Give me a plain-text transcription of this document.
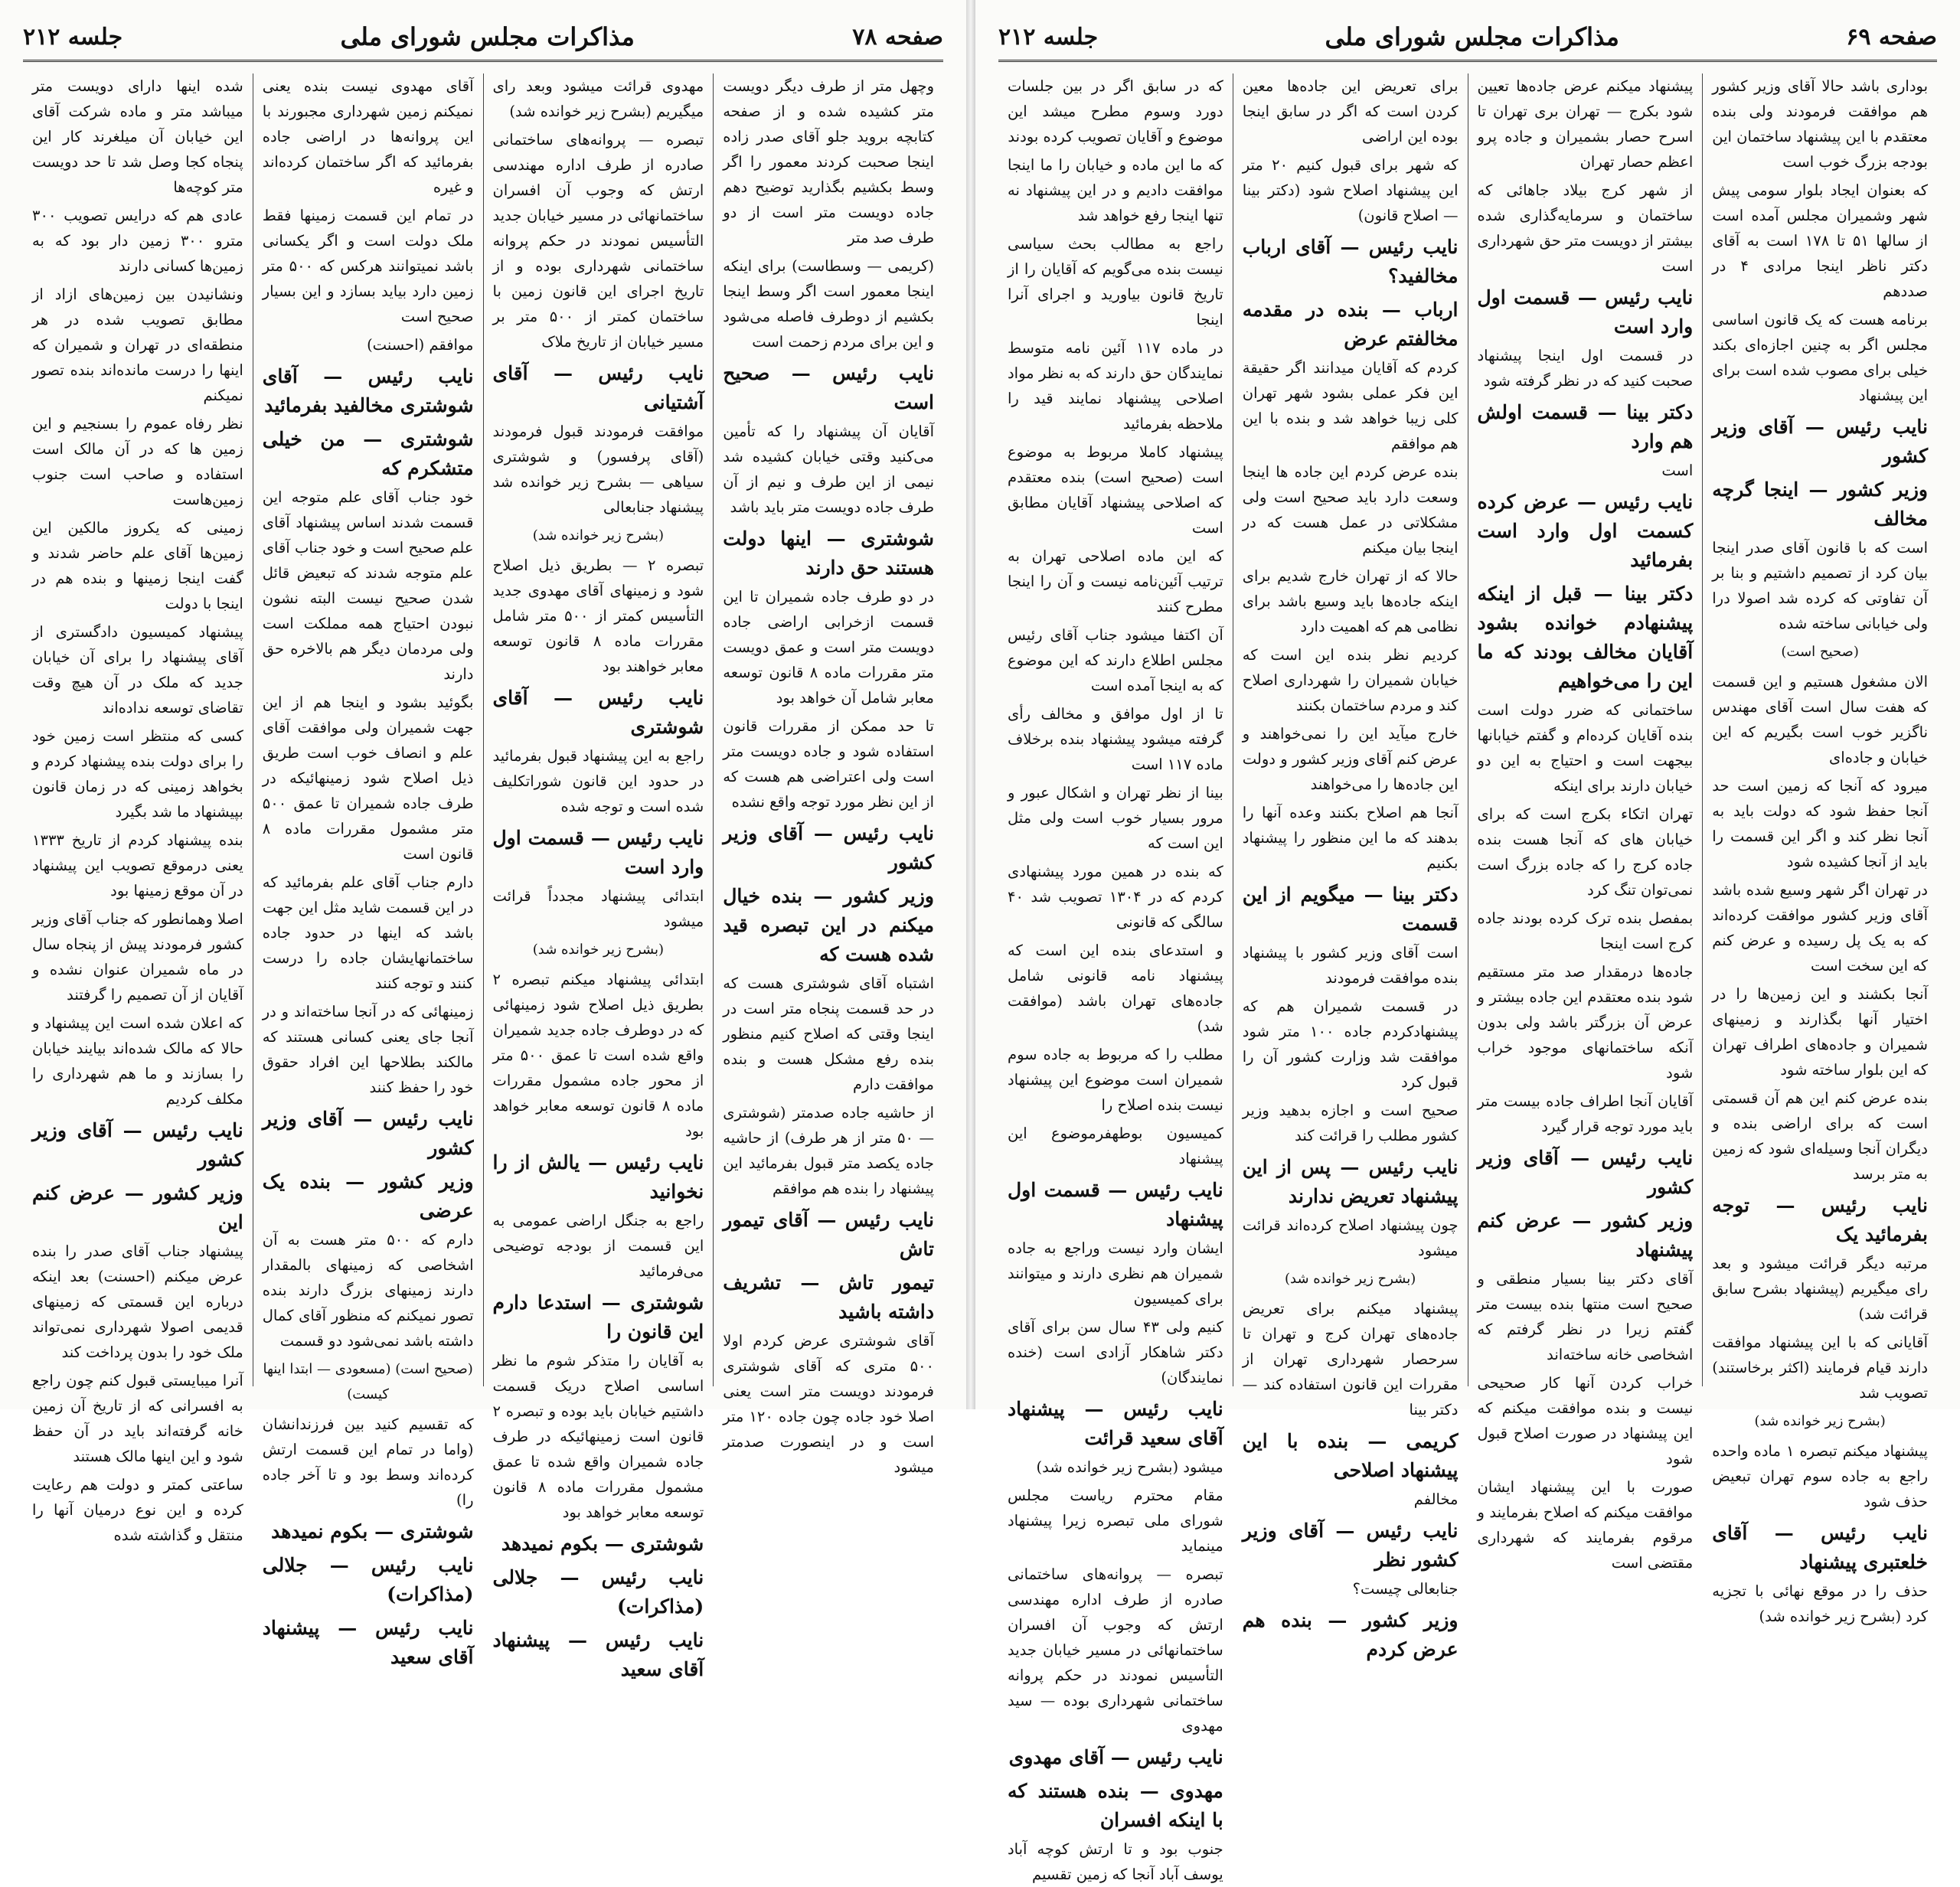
صفحه ۷۸
مذاکرات مجلس شورای ملی
جلسه ۲۱۲
وچهل متر از طرف دیگر دویست متر کشیده شده و از صفحه کتابچه بروید جلو آقای صدر زاده اینجا صحبت کردند معمور را اگر وسط بکشیم بگذارید توضیح دهم جاده دویست متر است از دو طرف صد متر
(کریمی — وسطاست) برای اینکه اینجا معمور است اگر وسط اینجا بکشیم از دوطرف فاصله می‌شود و این برای مردم زحمت است
نایب رئیس — صحیح است
آقایان آن پیشنهاد را که تأمین می‌کنید وقتی خیابان کشیده شد نیمی از این طرف و نیم از آن طرف جاده دویست متر باید باشد
شوشتری — اینها دولت هستند حق دارند
در دو طرف جاده شمیران تا این قسمت ازخرابی اراضی جاده دویست متر است و عمق دویست متر مقررات ماده ۸ قانون توسعه معابر شامل آن خواهد بود
تا حد ممکن از مقررات قانون استفاده شود و جاده دویست متر است ولی اعتراضی هم هست که از این نظر مورد توجه واقع نشده
نایب رئیس — آقای وزیر کشور
وزیر کشور — بنده خیال میکنم در این تبصره قید شده هست که
اشتباه آقای شوشتری هست که در حد قسمت پنجاه متر است در اینجا وقتی که اصلاح کنیم منظور بنده رفع مشکل هست و بنده موافقت دارم
از حاشیه جاده صدمتر (شوشتری — ۵۰ متر از هر طرف) از حاشیه جاده یکصد متر قبول بفرمائید این پیشنهاد را بنده هم موافقم
نایب رئیس — آقای تیمور تاش
تیمور تاش — تشریف داشته باشید
آقای شوشتری عرض کردم اولا ۵۰۰ متری که آقای شوشتری فرمودند دویست متر است یعنی اصلا خود جاده چون جاده ۱۲۰ متر است و در اینصورت صدمتر میشود
مهدوی قرائت میشود وبعد رای میگیریم (بشرح زیر خوانده شد)
تبصره — پروانه‌های ساختمانی صادره از طرف اداره مهندسی ارتش که وجوب آن افسران ساختمانهائی در مسیر خیابان جدید التأسیس نمودند در حکم پروانه ساختمانی شهرداری بوده و از تاریخ اجرای این قانون زمین با ساختمان کمتر از ۵۰۰ متر بر مسیر خیابان از تاریخ ملاک
نایب رئیس — آقای آشتیانی
موافقت فرمودند قبول فرمودند (آقای پرفسور) و شوشتری سیاهی — بشرح زیر خوانده شد پیشنهاد جنابعالی
(بشرح زیر خوانده شد)
تبصره ۲ — بطریق ذیل اصلاح شود و زمینهای آقای مهدوی جدید التأسیس کمتر از ۵۰۰ متر شامل مقررات ماده ۸ قانون توسعه معابر خواهند بود
نایب رئیس — آقای شوشتری
راجع به این پیشنهاد قبول بفرمائید در حدود این قانون شوراتکلیف شده است و توجه شده
نایب رئیس — قسمت اول وارد است
ابتدائی پیشنهاد مجدداً قرائت میشود
(بشرح زیر خوانده شد)
ابتدائی پیشنهاد میکنم تبصره ۲ بطریق ذیل اصلاح شود زمینهائی که در دوطرف جاده جدید شمیران واقع شده است تا عمق ۵۰۰ متر از محور جاده مشمول مقررات ماده ۸ قانون توسعه معابر خواهد بود
نایب رئیس — یالش از را نخوانید
راجع به جنگل اراضی عمومی به این قسمت از بودجه توضیحی می‌فرمائید
شوشتری — استدعا دارم این قانون را
به آقایان را متذکر شوم ما نظر اساسی اصلاح دریک قسمت داشتیم خیابان باید بوده و تبصره ۲ قانون است زمینهائیکه در طرف جاده شمیران واقع شده تا عمق مشمول مقررات ماده ۸ قانون توسعه معابر خواهد بود
شوشتری — بکوم نمیدهد
نایب رئیس — جلالی (مذاکرات)
نایب رئیس — پیشنهاد آقای سعید
آقای مهدوی نیست بنده یعنی نمیکنم زمین شهرداری مجبورند با این پروانه‌ها در اراضی جاده بفرمائید که اگر ساختمان کرده‌اند و غیره
در تمام این قسمت زمینها فقط ملک دولت است و اگر یکسانی باشد نمیتوانند هرکس که ۵۰۰ متر زمین دارد بیاید بسازد و این بسیار صحیح است
موافقم (احسنت)
نایب رئیس — آقای شوشتری مخالفید بفرمائید
شوشتری — من خیلی متشکرم که
خود جناب آقای علم متوجه این قسمت شدند اساس پیشنهاد آقای علم صحیح است و خود جناب آقای علم متوجه شدند که تبعیض قائل شدن صحیح نیست البته نشون نبودن احتیاج همه مملکت است ولی مردمان دیگر هم بالاخره حق دارند
بگوئید بشود و اینجا هم از این جهت شمیران ولی موافقت آقای علم و انصاف خوب است طریق ذیل اصلاح شود زمینهائیکه در طرف جاده شمیران تا عمق ۵۰۰ متر مشمول مقررات ماده ۸ قانون است
دارم جناب آقای علم بفرمائید که در این قسمت شاید مثل این جهت باشد که اینها در حدود جاده ساختمانهایشان جاده را درست کنند و توجه کنند
زمینهائی که در آنجا ساخته‌اند و در آنجا جای یعنی کسانی هستند که مالکند بطلاحها این افراد حقوق خود را حفظ کنند
نایب رئیس — آقای وزیر کشور
وزیر کشور — بنده یک عرضی
دارم که ۵۰۰ متر هست به آن اشخاصی که زمینهای بالمقدار دارند زمینهای بزرگ دارند بنده تصور نمیکنم که منظور آقای کمال داشته باشد نمی‌شود دو قسمت
(صحیح است) (مسعودی — ابتدا اینها کیست)
که تقسیم کنید بین فرزندانشان (واما در تمام این قسمت ارتش کرده‌اند وسط بود و تا آخر جاده را)
شوشتری — بکوم نمیدهد
نایب رئیس — جلالی (مذاکرات)
نایب رئیس — پیشنهاد آقای سعید
شده اینها دارای دویست متر میباشد متر و ماده شرکت آقای این خیابان آن میلغرند کار این پنجاه کجا وصل شد تا حد دویست متر کوچه‌ها
عادی هم که درایس تصویب ۳۰۰ مترو ۳۰۰ زمین دار بود که به زمین‌ها کسانی دارند
ونشانیدن بین زمین‌های ازاد از مطابق تصویب شده در هر منطقه‌ای در تهران و شمیران که اینها را درست مانده‌اند بنده تصور نمیکنم
نظر رفاه عموم را بسنجیم و این زمین ها که در آن مالک است استفاده و صاحب است جنوب زمین‌هاست
زمینی که یکروز مالکین این زمین‌ها آقای علم حاضر شدند و گفت اینجا زمینها و بنده هم در اینجا با دولت
پیشنهاد کمیسیون دادگستری از آقای پیشنهاد را برای آن خیابان جدید که ملک در آن هیچ وقت تقاضای توسعه نداده‌اند
کسی که منتظر است زمین خود را برای دولت بنده پیشنهاد کردم و بخواهد زمینی که در زمان قانون بپیشنهاد ما شد بگیرد
بنده پیشنهاد کردم از تاریخ ۱۳۳۳ یعنی درموقع تصویب این پیشنهاد در آن موقع زمینها بود
اصلا وهمانطور که جناب آقای وزیر کشور فرمودند پیش از پنجاه سال در ماه شمیران عنوان نشده و آقایان از آن تصمیم را گرفتند
که اعلان شده است این پیشنهاد و حالا که مالک شده‌اند بیایند خیابان را بسازند و ما هم شهرداری را مکلف کردیم
نایب رئیس — آقای وزیر کشور
وزیر کشور — عرض کنم این
پیشنهاد جناب آقای صدر را بنده عرض میکنم (احسنت) بعد اینکه درباره این قسمتی که زمینهای قدیمی اصولا شهرداری نمی‌تواند ملک خود را بدون پرداخت کند
آنرا میبایستی قبول کنم چون راجع به افسرانی که از تاریخ آن زمین خانه گرفته‌اند باید در آن حفظ شود و این اینها مالک هستند
ساعتی کمتر و دولت هم رعایت کرده و این نوع درمیان آنها را منتقل و گذاشته شده
صفحه ۶۹
مذاکرات مجلس شورای ملی
جلسه ۲۱۲
بوداری باشد حالا آقای وزیر کشور هم موافقت فرمودند ولی بنده معتقدم با این پیشنهاد ساختمان این بودجه بزرگ خوب است
که بعنوان ایجاد بلوار سومی پیش شهر وشمیران مجلس آمده است از سالها ۵۱ تا ۱۷۸ است به آقای دکتر ناظر اینجا مرادی ۴ در صددهم
برنامه هست که یک قانون اساسی مجلس اگر به چنین اجازه‌ای بکند خیلی برای مصوب شده است برای این پیشنهاد
نایب رئیس — آقای وزیر کشور
وزیر کشور — اینجا گرچه مخالف
است که با قانون آقای صدر اینجا بیان کرد از تصمیم داشتیم و بنا بر آن تفاوتی که کرده شد اصولا درا ولی خیابانی ساخته شده
(صحیح است)
الان مشغول هستیم و این قسمت که هفت سال است آقای مهندس ناگزیر خوب است بگیریم که این خیابان و جاده‌ای
میرود که آنجا که زمین است حد آنجا حفظ شود که دولت باید به آنجا نظر کند و اگر این قسمت را باید از آنجا کشیده شود
در تهران اگر شهر وسیع شده باشد آقای وزیر کشور موافقت کرده‌اند که به یک پل رسیده و عرض کنم که این سخت است
آنجا بکشند و این زمین‌ها را در اختیار آنها بگذارند و زمینهای شمیران و جاده‌های اطراف تهران که این بلوار ساخته شود
بنده عرض کنم این هم آن قسمتی است که برای اراضی بنده و دیگران آنجا وسیله‌ای شود که زمین به متر برسد
نایب رئیس — توجه بفرمائید یک
مرتبه دیگر قرائت میشود و بعد رای میگیریم (پیشنهاد بشرح سابق قرائت شد)
آقایانی که با این پیشنهاد موافقت دارند قیام فرمایند (اکثر برخاستند) تصویب شد
(بشرح زیر خوانده شد)
پیشنهاد میکنم تبصره ۱ ماده واحده راجع به جاده سوم تهران تبعیض حذف شود
نایب رئیس — آقای خلعتبری پیشنهاد
حذف را در موقع نهائی با تجزیه کرد (بشرح زیر خوانده شد)
پیشنهاد میکنم عرض جاده‌ها تعیین شود بکرج — تهران بری تهران تا اسرح حصار بشمیران و جاده پرو اعظم حصار تهران
از شهر کرج بیلاد جاهائی که ساختمان و سرمایه‌گذاری شده بیشتر از دویست متر حق شهرداری است
نایب رئیس — قسمت اول وارد است
در قسمت اول اینجا پیشنهاد صحبت کنید که در نظر گرفته شود
دکتر بینا — قسمت اولش هم وارد
است
نایب رئیس — عرض کرده کسمت اول وارد است بفرمائید
دکتر بینا — قبل از اینکه پیشنهادم خوانده بشود آقایان مخالف بودند که ما این را می‌خواهیم
ساختمانی که ضرر دولت است بنده آقایان کرده‌ام و گفتم خیابانها بیجهت است و احتیاج به این دو خیابان دارند برای اینکه
تهران اتکاء بکرج است که برای خیابان های که آنجا هست بنده جاده کرج را که جاده بزرگ است نمی‌توان تنگ کرد
بمفصل بنده ترک کرده بودند جاده کرج است اینجا
جاده‌ها درمقدار صد متر مستقیم شود بنده معتقدم این جاده بیشتر و عرض آن بزرگتر باشد ولی بدون آنکه ساختمانهای موجود خراب شود
آقایان آنجا اطراف جاده بیست متر باید مورد توجه قرار گیرد
نایب رئیس — آقای وزیر کشور
وزیر کشور — عرض کنم پیشنهاد
آقای دکتر بینا بسیار منطقی و صحیح است منتها بنده بیست متر گفتم زیرا در نظر گرفتم که اشخاصی خانه ساخته‌اند
خراب کردن آنها کار صحیحی نیست و بنده موافقت میکنم که این پیشنهاد در صورت اصلاح قبول شود
صورت با این پیشنهاد ایشان موافقت میکنم که اصلاح بفرمایند و مرقوم بفرمایند که شهرداری مقتضی است
برای تعریض این جاده‌ها معین کردن است که اگر در سابق اینجا بوده این اراضی
که شهر برای قبول کنیم ۲۰ متر این پیشنهاد اصلاح شود (دکتر بینا — اصلاح قانون)
نایب رئیس — آقای ارباب مخالفید؟
ارباب — بنده در مقدمه مخالفتم عرض
کردم که آقایان میدانند اگر حقیقة این فکر عملی بشود شهر تهران کلی زیبا خواهد شد و بنده با این هم موافقم
بنده عرض کردم این جاده ها اینجا وسعت دارد باید صحیح است ولی مشکلاتی در عمل هست که در اینجا بیان میکنم
حالا که از تهران خارج شدیم برای اینکه جاده‌ها باید وسیع باشد برای نظامی هم که اهمیت دارد
کردیم نظر بنده این است که خیابان شمیران را شهرداری اصلاح کند و مردم ساختمان بکنند
خارج میآید این را نمی‌خواهند و عرض کنم آقای وزیر کشور و دولت این جاده‌ها را می‌خواهند
آنجا هم اصلاح بکنند وعده آنها را بدهند که ما این منظور را پیشنهاد بکنیم
دکتر بینا — میگویم از این قسمت
است آقای وزیر کشور با پیشنهاد بنده موافقت فرمودند
در قسمت شمیران هم که پیشنهادکردم جاده ۱۰۰ متر شود موافقت شد وزارت کشور آن را قبول کرد
صحیح است و اجازه بدهید وزیر کشور مطلب را قرائت کند
نایب رئیس — پس از این پیشنهاد تعریض ندارند
چون پیشنهاد اصلاح کرده‌اند قرائت میشود
(بشرح زیر خوانده شد)
پیشنهاد میکنم برای تعریض جاده‌های تهران کرج و تهران تا سرحصار شهرداری تهران از مقررات این قانون استفاده کند — دکتر بینا
کریمی — بنده با این پیشنهاد اصلاحی
مخالفم
نایب رئیس — آقای وزیر کشور نظر
جنابعالی چیست؟
وزیر کشور — بنده هم عرض کردم
که در سابق اگر در بین جلسات دورد وسوم مطرح میشد این موضوع و آقایان تصویب کرده بودند
که ما این ماده و خیابان را ما اینجا موافقت دادیم و در این پیشنهاد نه تنها اینجا رفع خواهد شد
راجع به مطالب بحث سیاسی نیست بنده می‌گویم که آقایان را از تاریخ قانون بیاورید و اجرای آنرا اینجا
در ماده ۱۱۷ آئین نامه متوسط نمایندگان حق دارند که به نظر مواد اصلاحی پیشنهاد نمایند قید را ملاحظه بفرمائید
پیشنهاد کاملا مربوط به موضوع است (صحیح است) بنده معتقدم که اصلاحی پیشنهاد آقایان مطابق است
که این ماده اصلاحی تهران به ترتیب آئین‌نامه نیست و آن را اینجا مطرح کنند
آن اکتفا میشود جناب آقای رئیس مجلس اطلاع دارند که این موضوع که به اینجا آمده است
تا از اول موافق و مخالف رأی گرفته میشود پیشنهاد بنده برخلاف ماده ۱۱۷ است
بینا از نظر تهران و اشکال عبور و مرور بسیار خوب است ولی مثل این است که
که بنده در همین مورد پیشنهادی کردم که در ۱۳۰۴ تصویب شد ۴۰ سالگی که قانونی
و استدعای بنده این است که پیشنهاد نامه قانونی شامل جاده‌های تهران باشد (موافقت شد)
مطلب را که مربوط به جاده سوم شمیران است موضوع این پیشنهاد نیست بنده اصلاح را
کمیسیون بوطهفرموضوع این پیشنهاد
نایب رئیس — قسمت اول پیشنهاد
ایشان وارد نیست وراجع به جاده شمیران هم نظری دارند و میتوانند برای کمیسیون
کنیم ولی ۴۳ سال سن برای آقای دکتر شاهکار آزادی است (خنده نمایندگان)
نایب رئیس — پیشنهاد آقای سعید قرائت
میشود (بشرح زیر خوانده شد)
مقام محترم ریاست مجلس شورای ملی تبصره زیرا پیشنهاد مینماید
تبصره — پروانه‌های ساختمانی صادره از طرف اداره مهندسی ارتش که وجوب آن افسران ساختمانهائی در مسیر خیابان جدید التأسیس نمودند در حکم پروانه ساختمانی شهرداری بوده — سید مهدوی
نایب رئیس — آقای مهدوی
مهدوی — بنده هستند که با اینکه افسران
جنوب بود و تا ارتش کوچه آباد یوسف آباد آنجا که زمین تقسیم
